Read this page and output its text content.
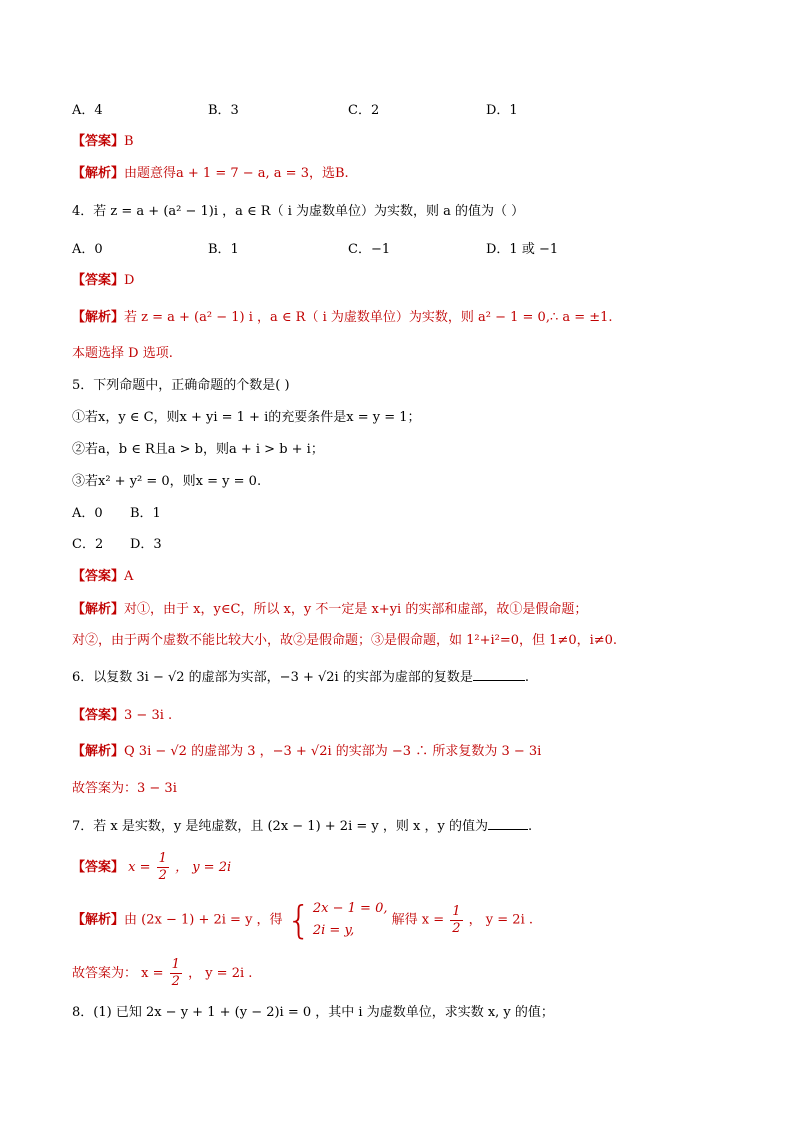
A．4	B．3	C．2	D．1
【答案】B
【解析】由题意得a + 1 = 7 − a, a = 3，选B.
4．若 z = a + (a² − 1)i ，a ∈ R（ i 为虚数单位）为实数，则 a 的值为（ ）
A．0	B．1	C．−1	D．1 或 −1
【答案】D
【解析】若 z = a + (a² − 1) i ，a ∈ R（ i 为虚数单位）为实数，则 a² − 1 = 0,∴ a = ±1.
本题选择 D 选项.
5．下列命题中，正确命题的个数是( )
①若x，y ∈ C，则x + yi = 1 + i的充要条件是x = y = 1；
②若a，b ∈ R且a > b，则a + i > b + i；
③若x² + y² = 0，则x = y = 0.
A．0 B．1
C．2 D．3
【答案】A
【解析】对①，由于 x，y∈C，所以 x，y 不一定是 x+yi 的实部和虚部，故①是假命题；
对②，由于两个虚数不能比较大小，故②是假命题；③是假命题，如 1²+i²=0，但 1≠0，i≠0.
6．以复数 3i − √2 的虚部为实部，−3 + √2i 的实部为虚部的复数是	.
【答案】3 − 3i .
【解析】Q 3i − √2 的虚部为 3 ，−3 + √2i 的实部为 −3 ∴ 所求复数为 3 − 3i
故答案为：3 − 3i
7．若 x 是实数，y 是纯虚数，且 (2x − 1) + 2i = y ，则 x ，y 的值为	.
【答案】 $x = \frac{1}{2}$ ， y = 2i
【解析】由 (2x − 1) + 2i = y ，得 { 2x − 1 = 0,
2i = y,
解得 $x = \frac{1}{2}$ ， y = 2i .
故答案为： $x = \frac{1}{2}$ ， y = 2i .
8．(1) 已知 2x − y + 1 + (y − 2)i = 0 ，其中 i 为虚数单位，求实数 x, y 的值；
